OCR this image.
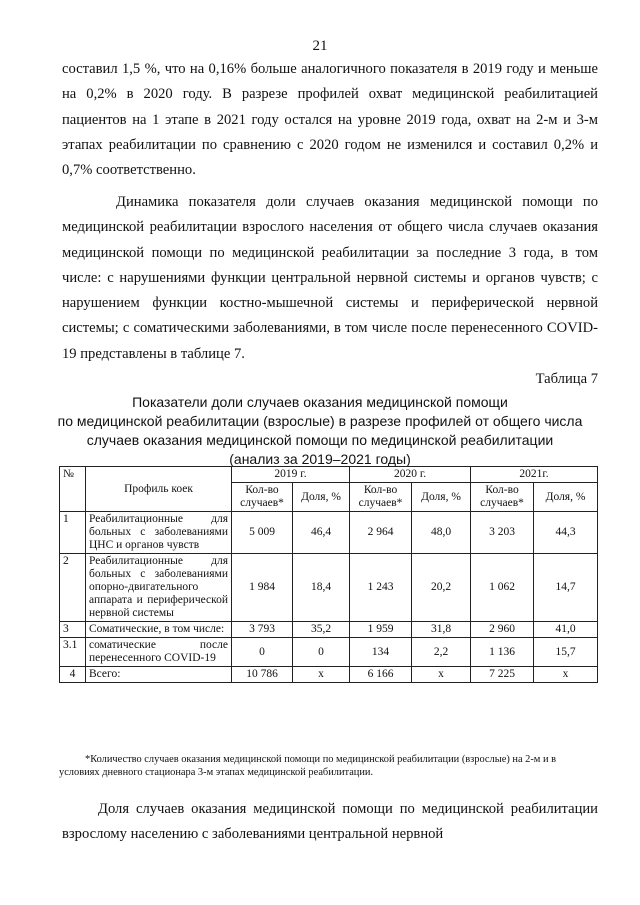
21

составил 1,5 %, что на 0,16% больше аналогичного показателя в 2019 году и меньше на 0,2% в 2020 году. В разрезе профилей охват медицинской реабилитацией пациентов на 1 этапе в 2021 году остался на уровне 2019 года, охват на 2-м и 3-м этапах реабилитации по сравнению с 2020 годом не изменился и составил 0,2% и 0,7% соответственно.

Динамика показателя доли случаев оказания медицинской помощи по медицинской реабилитации взрослого населения от общего числа случаев оказания медицинской помощи по медицинской реабилитации за последние 3 года, в том числе: с нарушениями функции центральной нервной системы и органов чувств; с нарушением функции костно-мышечной системы и периферической нервной системы; с соматическими заболеваниями, в том числе после перенесенного COVID-19 представлены в таблице 7.

Таблица 7
Показатели доли случаев оказания медицинской помощи
по медицинской реабилитации (взрослые) в разрезе профилей от общего числа
случаев оказания медицинской помощи по медицинской реабилитации
(анализ за 2019–2021 годы)
№	Профиль коек	2019 г.		2020 г.		2021г.	
		Кол-во случаев*	Доля, %	Кол-во случаев*	Доля, %	Кол-во случаев*	Доля, %
1	Реабилитационные для больных с заболеваниями ЦНС и органов чувств	5 009	46,4	2 964	48,0	3 203	44,3
2	Реабилитационные для больных с заболеваниями опорно-двигательного аппарата и периферической нервной системы	1 984	18,4	1 243	20,2	1 062	14,7
3	Соматические, в том числе:	3 793	35,2	1 959	31,8	2 960	41,0
3.1	соматические после перенесенного COVID-19	0	0	134	2,2	1 136	15,7
4	Всего:	10 786	х	6 166	х	7 225	х

*Количество случаев оказания медицинской помощи по медицинской реабилитации (взрослые) на 2-м и в условиях дневного стационара 3-м этапах медицинской реабилитации.

Доля случаев оказания медицинской помощи по медицинской реабилитации взрослому населению с заболеваниями центральной нервной
